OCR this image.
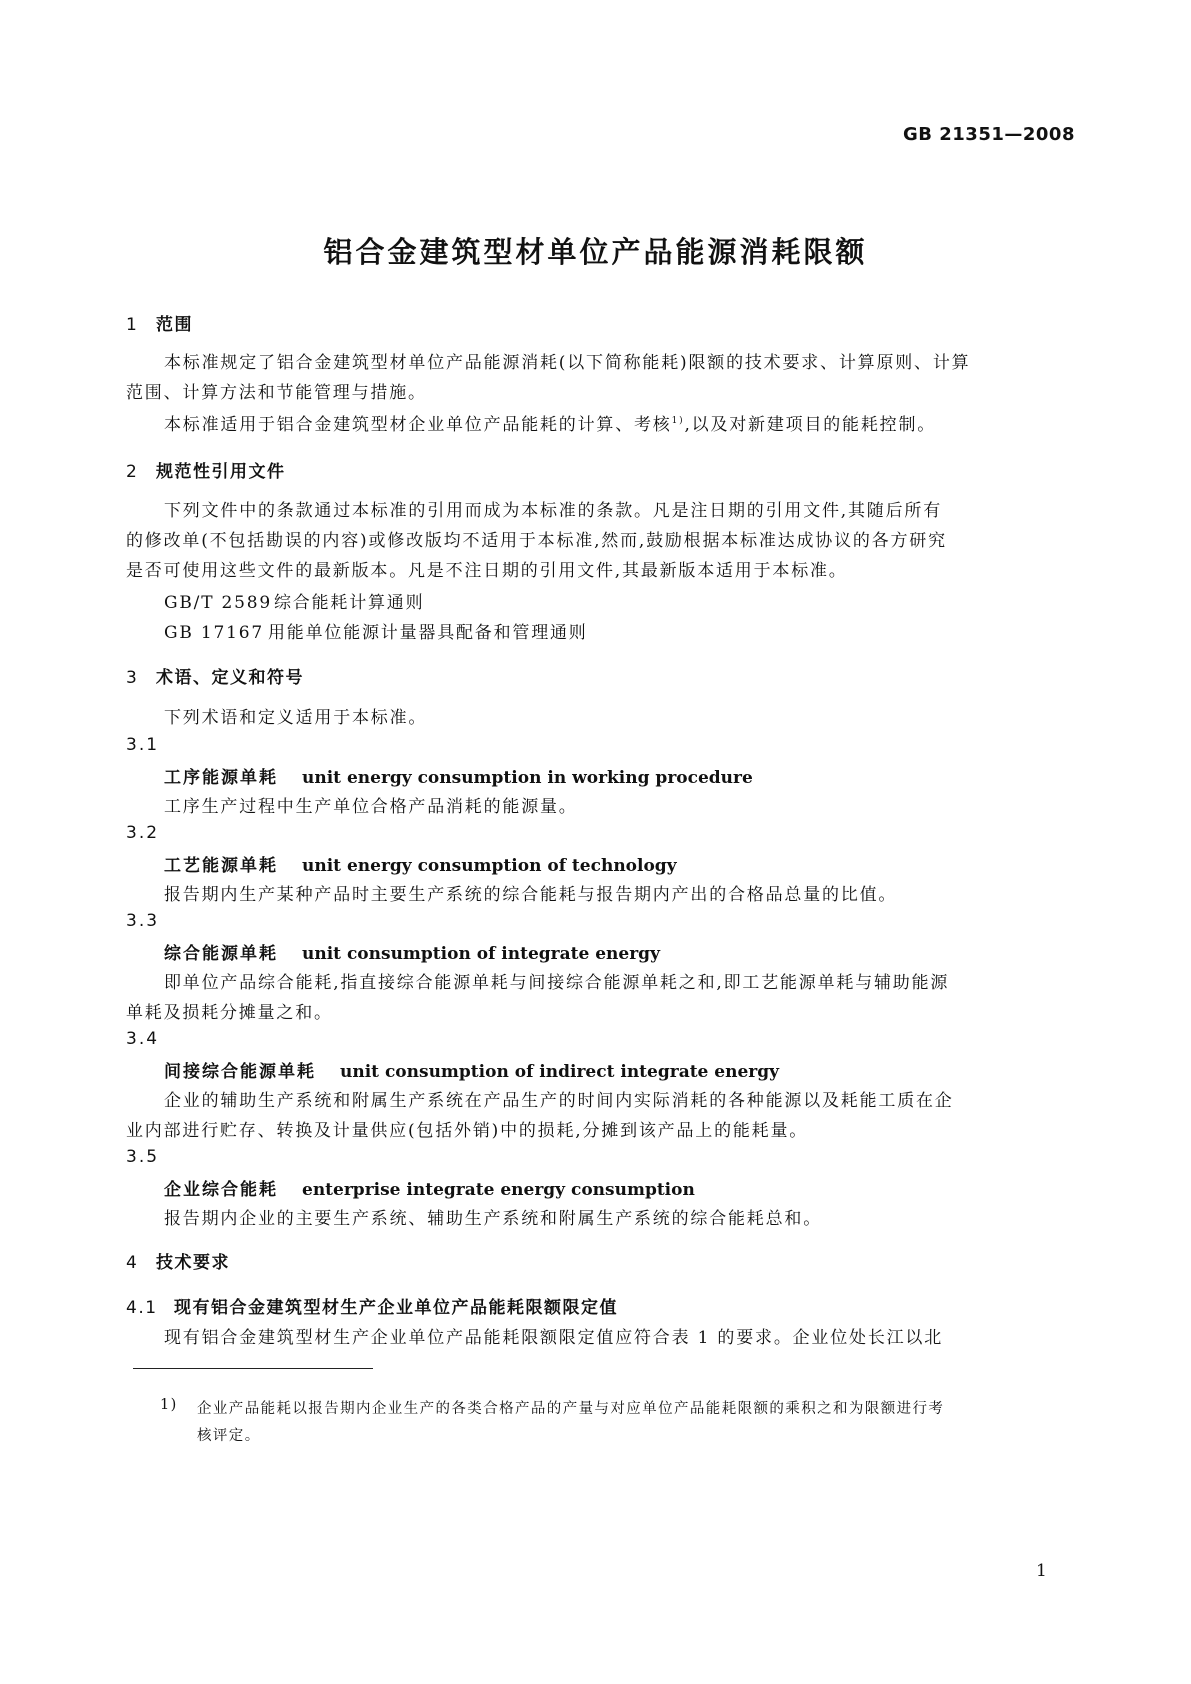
GB 21351—2008
铝合金建筑型材单位产品能源消耗限额
1 范围
本标准规定了铝合金建筑型材单位产品能源消耗(以下简称能耗)限额的技术要求、计算原则、计算
范围、计算方法和节能管理与措施。
本标准适用于铝合金建筑型材企业单位产品能耗的计算、考核$^{1)}$,以及对新建项目的能耗控制。
2 规范性引用文件
下列文件中的条款通过本标准的引用而成为本标准的条款。凡是注日期的引用文件,其随后所有
的修改单(不包括勘误的内容)或修改版均不适用于本标准,然而,鼓励根据本标准达成协议的各方研究
是否可使用这些文件的最新版本。凡是不注日期的引用文件,其最新版本适用于本标准。
GB/T 2589 综合能耗计算通则
GB 17167 用能单位能源计量器具配备和管理通则
3 术语、定义和符号
下列术语和定义适用于本标准。
3.1
工序能源单耗 unit energy consumption in working procedure
工序生产过程中生产单位合格产品消耗的能源量。
3.2
工艺能源单耗 unit energy consumption of technology
报告期内生产某种产品时主要生产系统的综合能耗与报告期内产出的合格品总量的比值。
3.3
综合能源单耗 unit consumption of integrate energy
即单位产品综合能耗,指直接综合能源单耗与间接综合能源单耗之和,即工艺能源单耗与辅助能源
单耗及损耗分摊量之和。
3.4
间接综合能源单耗 unit consumption of indirect integrate energy
企业的辅助生产系统和附属生产系统在产品生产的时间内实际消耗的各种能源以及耗能工质在企
业内部进行贮存、转换及计量供应(包括外销)中的损耗,分摊到该产品上的能耗量。
3.5
企业综合能耗 enterprise integrate energy consumption
报告期内企业的主要生产系统、辅助生产系统和附属生产系统的综合能耗总和。
4 技术要求
4.1 现有铝合金建筑型材生产企业单位产品能耗限额限定值
现有铝合金建筑型材生产企业单位产品能耗限额限定值应符合表 1 的要求。企业位处长江以北
1) 企业产品能耗以报告期内企业生产的各类合格产品的产量与对应单位产品能耗限额的乘积之和为限额进行考
核评定。
1
